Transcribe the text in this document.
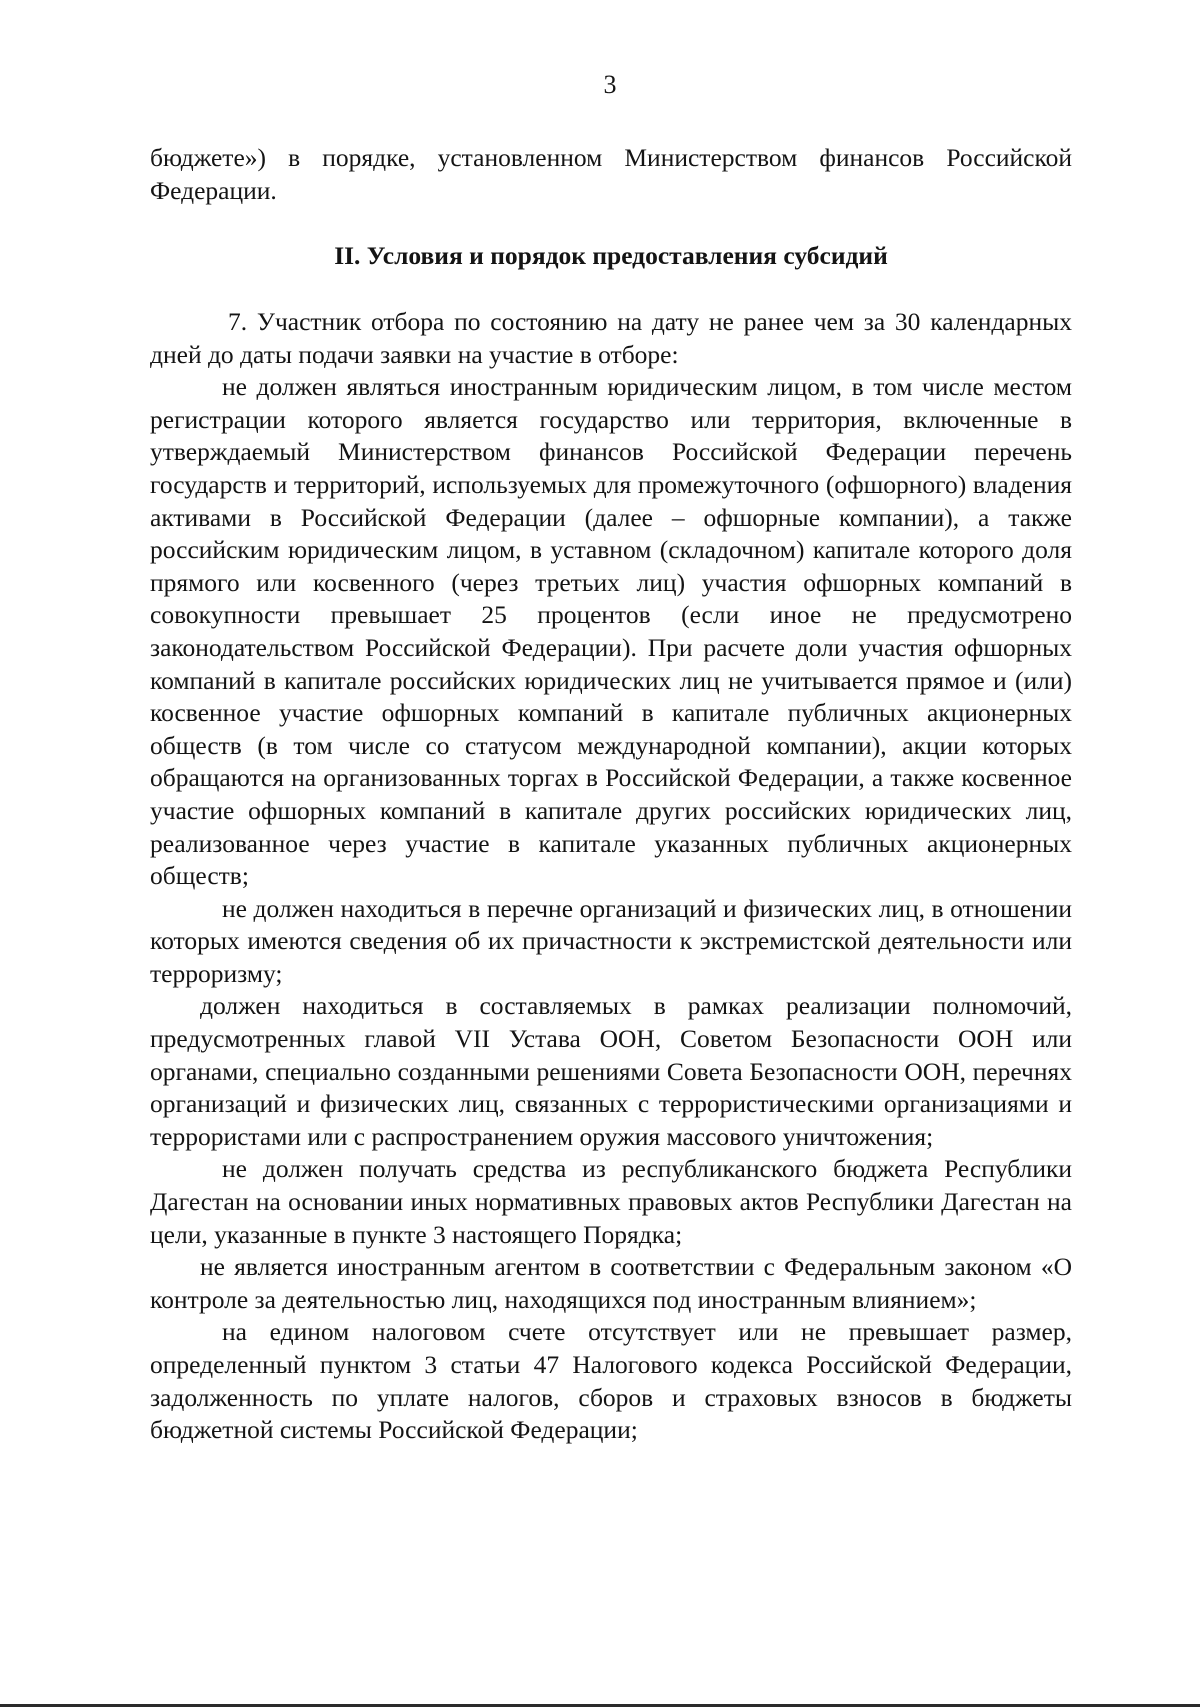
3
бюджете») в порядке, установленном Министерством финансов Российской Федерации.
II. Условия и порядок предоставления субсидий

7. Участник отбора по состоянию на дату не ранее чем за 30 календарных дней до даты подачи заявки на участие в отборе:

не должен являться иностранным юридическим лицом, в том числе местом регистрации которого является государство или территория, включенные в утверждаемый Министерством финансов Российской Федерации перечень государств и территорий, используемых для промежуточного (офшорного) владения активами в Российской Федерации (далее – офшорные компании), а также российским юридическим лицом, в уставном (складочном) капитале которого доля прямого или косвенного (через третьих лиц) участия офшорных компаний в совокупности превышает 25 процентов (если иное не предусмотрено законодательством Российской Федерации). При расчете доли участия офшорных компаний в капитале российских юридических лиц не учитывается прямое и (или) косвенное участие офшорных компаний в капитале публичных акционерных обществ (в том числе со статусом международной компании), акции которых обращаются на организованных торгах в Российской Федерации, а также косвенное участие офшорных компаний в капитале других российских юридических лиц, реализованное через участие в капитале указанных публичных акционерных обществ;

не должен находиться в перечне организаций и физических лиц, в отношении которых имеются сведения об их причастности к экстремистской деятельности или терроризму;

должен находиться в составляемых в рамках реализации полномочий, предусмотренных главой VII Устава ООН, Советом Безопасности ООН или органами, специально созданными решениями Совета Безопасности ООН, перечнях организаций и физических лиц, связанных с террористическими организациями и террористами или с распространением оружия массового уничтожения;

не должен получать средства из республиканского бюджета Республики Дагестан на основании иных нормативных правовых актов Республики Дагестан на цели, указанные в пункте 3 настоящего Порядка;

не является иностранным агентом в соответствии с Федеральным законом «О контроле за деятельностью лиц, находящихся под иностранным влиянием»;

на едином налоговом счете отсутствует или не превышает размер, определенный пунктом 3 статьи 47 Налогового кодекса Российской Федерации, задолженность по уплате налогов, сборов и страховых взносов в бюджеты бюджетной системы Российской Федерации;
